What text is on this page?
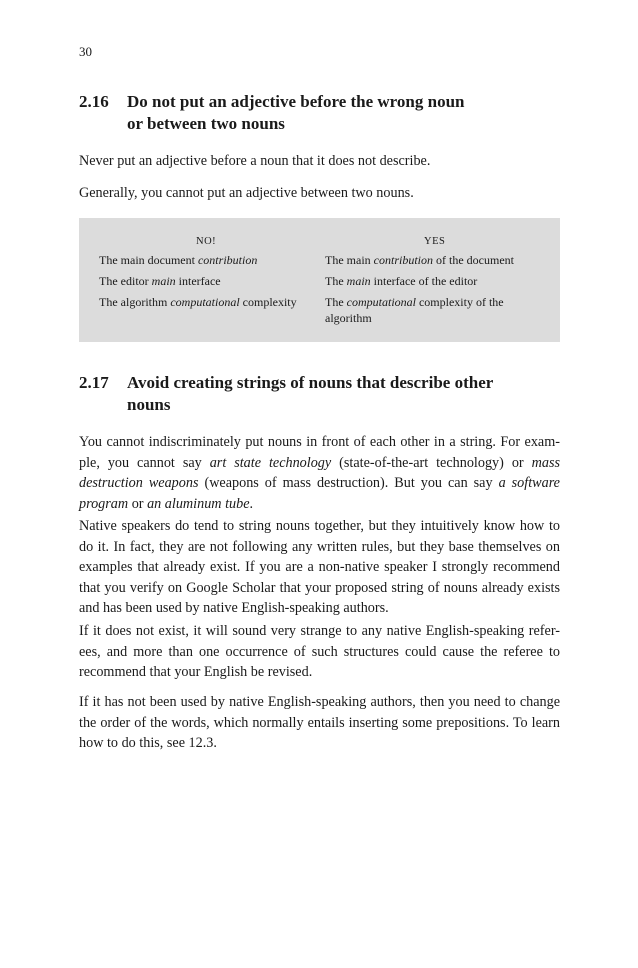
30
2.16	Do not put an adjective before the wrong noun
or between two nouns

Never put an adjective before a noun that it does not describe.

Generally, you cannot put an adjective between two nouns.

NO!	YES
The main document contribution	The main contribution of the document
The editor main interface	The main interface of the editor
The algorithm computational complexity	The computational complexity of the algorithm
2.17	Avoid creating strings of nouns that describe other
nouns

You cannot indiscriminately put nouns in front of each other in a string. For exam-ple, you cannot say art state technology (state-of-the-art technology) or mass destruction weapons (weapons of mass destruction). But you can say a software program or an aluminum tube.

Native speakers do tend to string nouns together, but they intuitively know how to do it. In fact, they are not following any written rules, but they base themselves on examples that already exist. If you are a non-native speaker I strongly recommend that you verify on Google Scholar that your proposed string of nouns already exists and has been used by native English-speaking authors.

If it does not exist, it will sound very strange to any native English-speaking refer-ees, and more than one occurrence of such structures could cause the referee to recommend that your English be revised.

If it has not been used by native English-speaking authors, then you need to change the order of the words, which normally entails inserting some prepositions. To learn how to do this, see 12.3.
